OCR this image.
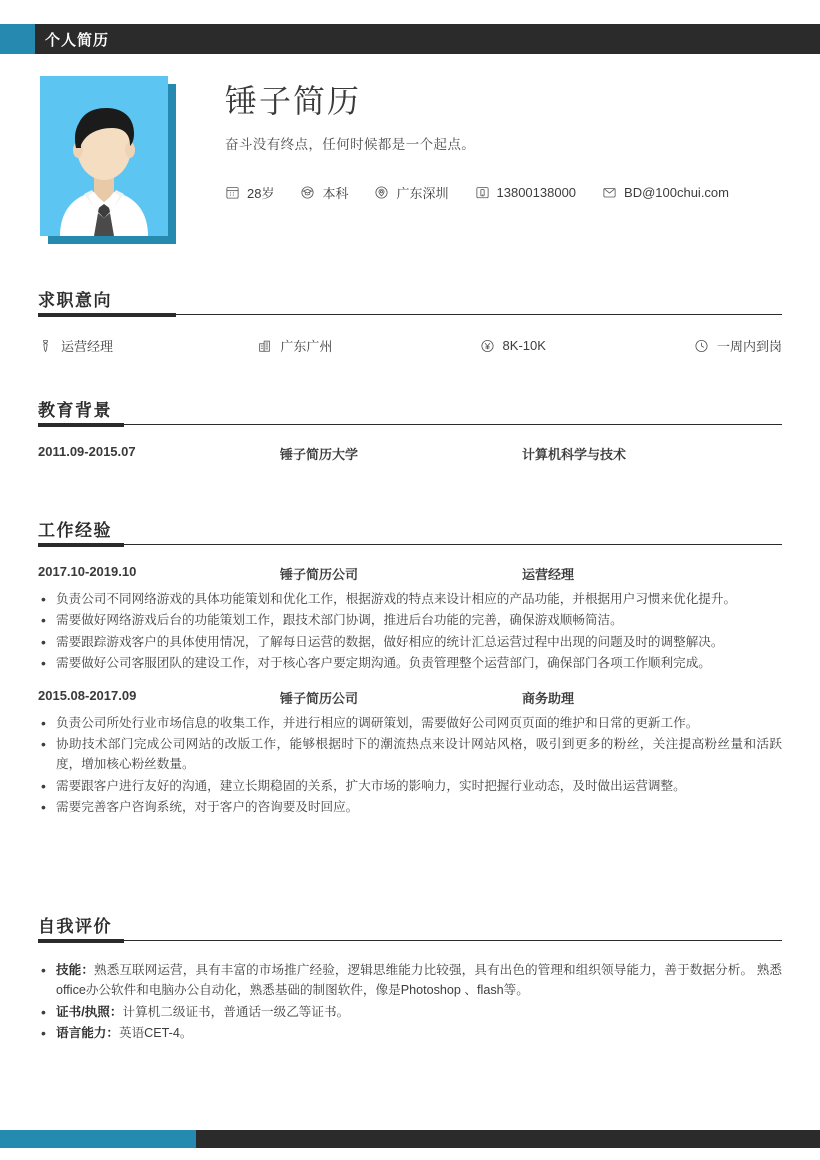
个人简历
锤子简历

奋斗没有终点，任何时候都是一个起点。

28岁	本科	广东深圳	13800138000	BD@100chui.com
求职意向
运营经理	广东广州	8K-10K	一周内到岗
教育背景
2011.09-2015.07	锤子简历大学	计算机科学与技术
工作经验
2017.10-2019.10	锤子简历公司	运营经理
• 负责公司不同网络游戏的具体功能策划和优化工作，根据游戏的特点来设计相应的产品功能，并根据用户习惯来优化提升。
• 需要做好网络游戏后台的功能策划工作，跟技术部门协调，推进后台功能的完善，确保游戏顺畅简洁。
• 需要跟踪游戏客户的具体使用情况，了解每日运营的数据，做好相应的统计汇总运营过程中出现的问题及时的调整解决。
• 需要做好公司客服团队的建设工作，对于核心客户要定期沟通。负责管理整个运营部门，确保部门各项工作顺利完成。
2015.08-2017.09	锤子简历公司	商务助理
• 负责公司所处行业市场信息的收集工作，并进行相应的调研策划，需要做好公司网页页面的维护和日常的更新工作。
• 协助技术部门完成公司网站的改版工作，能够根据时下的潮流热点来设计网站风格，吸引到更多的粉丝，关注提高粉丝量和活跃度，增加核心粉丝数量。
• 需要跟客户进行友好的沟通，建立长期稳固的关系，扩大市场的影响力，实时把握行业动态，及时做出运营调整。
• 需要完善客户咨询系统，对于客户的咨询要及时回应。
自我评价
• 技能：熟悉互联网运营，具有丰富的市场推广经验，逻辑思维能力比较强，具有出色的管理和组织领导能力，善于数据分析。 熟悉office办公软件和电脑办公自动化，熟悉基础的制图软件，像是Photoshop 、flash等。
• 证书/执照：计算机二级证书，普通话一级乙等证书。
• 语言能力：英语CET-4。
